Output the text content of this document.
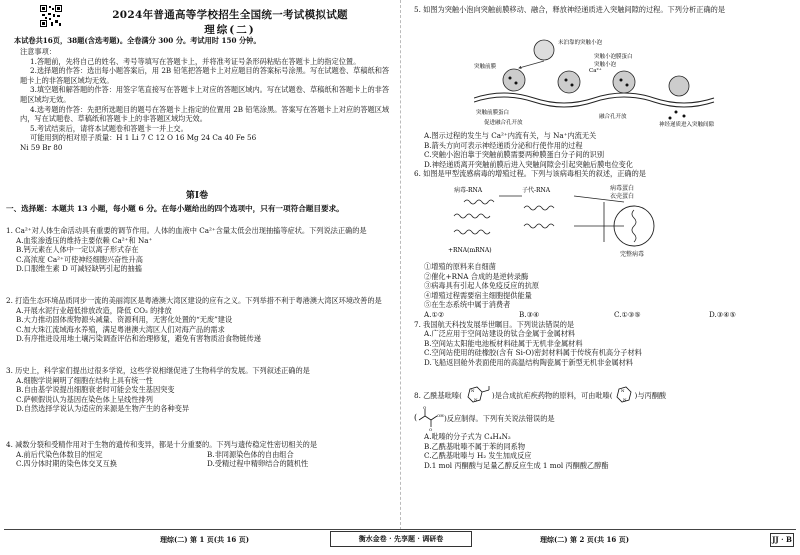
2024年普通高等学校招生全国统一考试模拟试题
理综(二)
本试卷共16页，38题(含选考题)。全卷满分 300 分。考试用时 150 分钟。

注意事项：

1.答题前，先将自己的姓名、考号等填写在答题卡上，并将准考证号条形码粘贴在答题卡上的指定位置。

2.选择题的作答：选出每小题答案后，用 2B 铅笔把答题卡上对应题目的答案标号涂黑。写在试题卷、草稿纸和答题卡上的非答题区域均无效。

3.填空题和解答题的作答：用签字笔直接写在答题卡上对应的答题区域内。写在试题卷、草稿纸和答题卡上的非答题区域均无效。

4.选考题的作答：先把所选题目的题号在答题卡上指定的位置用 2B 铅笔涂黑。答案写在答题卡上对应的答题区域内，写在试题卷、草稿纸和答题卡上的非答题区域均无效。

5.考试结束后，请将本试题卷和答题卡一并上交。

可能用到的相对原子质量：H 1 Li 7 C 12 O 16 Mg 24 Ca 40 Fe 56

Ni 59 Br 80

第Ⅰ卷
一、选择题：本题共 13 小题，每小题 6 分。在每小题给出的四个选项中，只有一项符合题目要求。

1. Ca²⁺对人体生命活动具有重要的调节作用。人体的血液中 Ca²⁺含量太低会出现抽搐等症状。下列说法正确的是

A.血浆渗透压的维持主要依赖 Ca²⁺和 Na⁺

B.钙元素在人体中一定以离子形式存在

C.高浓度 Ca²⁺可使神经细胞兴奋性升高

D.口服维生素 D 可减轻缺钙引起的抽搐

2. 打造生态环境品质同步一流的美丽湾区是粤港澳大湾区建设的应有之义。下列举措不利于粤港澳大湾区环境改善的是

A.开展水泥行业超低排放改造，降低 CO₂ 的排放

B.大力推动固体废物源头减量、资源利用，无害化处置的“无废”建设

C.加大珠江流域海水养殖，满足粤港澳大湾区人们对海产品的需求

D.有序推进设用地土壤污染调查评估和治理修复，避免有害物质沿食物链传递

3. 历史上，科学家们提出过很多学说，这些学说相继促进了生物科学的发展。下列叙述正确的是

A.细胞学说阐明了细胞在结构上具有统一性

B.自由基学说提出细胞衰老时可能会发生基因突变

C.萨顿假说认为基因在染色体上呈线性排列

D.自然选择学说认为适应的来源是生物产生的各种变异

4. 减数分裂和受精作用对于生物的遗传和变异，都是十分重要的。下列与遗传稳定性密切相关的是

A.前后代染色体数目的恒定	B.非同源染色体的自由组合

C.四分体时期的染色体交叉互换	D.受精过程中精卵结合的随机性

5. 如图为突触小泡向突触前膜移动、融合，释放神经递质进入突触间隙的过程。下列分析正确的是

未泊靠的突触小泡
突触小泡膜蛋白
突触前膜
Ca²⁺
突触小泡
突触前膜蛋白
促进融合孔开放
融合孔开放
神经递质进入突触间隙

A.图示过程的发生与 Ca²⁺内流有关，与 Na⁺内流无关

B.箭头方向可表示神经递质分泌和行使作用的过程

C.突触小泡泊靠于突触前膜需要两种膜蛋白分子间的识别

D.神经递质离开突触前膜后进入突触间隙会引起突触后膜电位变化

6. 如图是甲型流感病毒的增殖过程。下列与该病毒相关的叙述，正确的是

病毒-RNA	子代-RNA	病毒蛋白
衣壳蛋白
+RNA(mRNA)
完整病毒

①增殖的原料来自细菌

②催化+RNA 合成的是逆转录酶

③病毒具有引起人体免疫反应的抗原

④增殖过程需要宿主细胞提供能量

⑤在生态系统中属于消费者

A.①②	B.③④	C.①③⑤	D.③④⑤

7. 我国航天科技发展举世瞩目。下列说法错误的是

A.广泛应用于空间站建设的钛合金属于金属材料

B.空间站太阳能电池板材料硅属于无机非金属材料

C.空间站使用的硅橡胶(含有 Si-O)密封材料属于传统有机高分子材料

D.飞船返回舱外表面使用的高温结构陶瓷属于新型无机非金属材料

8. 乙酰基吡嗪(
N
N )是合成抗疟疾药物的原料，可由吡嗪(
N
N )与丙酮酸

(
O
O
OH )反应制得。下列有关说法错误的是

A.吡嗪的分子式为 C₄H₄N₂

B.乙酰基吡嗪不属于苯的同系物

C.乙酰基吡嗪与 H₂ 发生加成反应

D.1 mol 丙酮酸与足量乙醇反应生成 1 mol 丙酮酸乙醇酯

理综(二) 第 1 页(共 16 页)	衡水金卷 · 先享题 · 调研卷	理综(二) 第 2 页(共 16 页)	JJ · B
